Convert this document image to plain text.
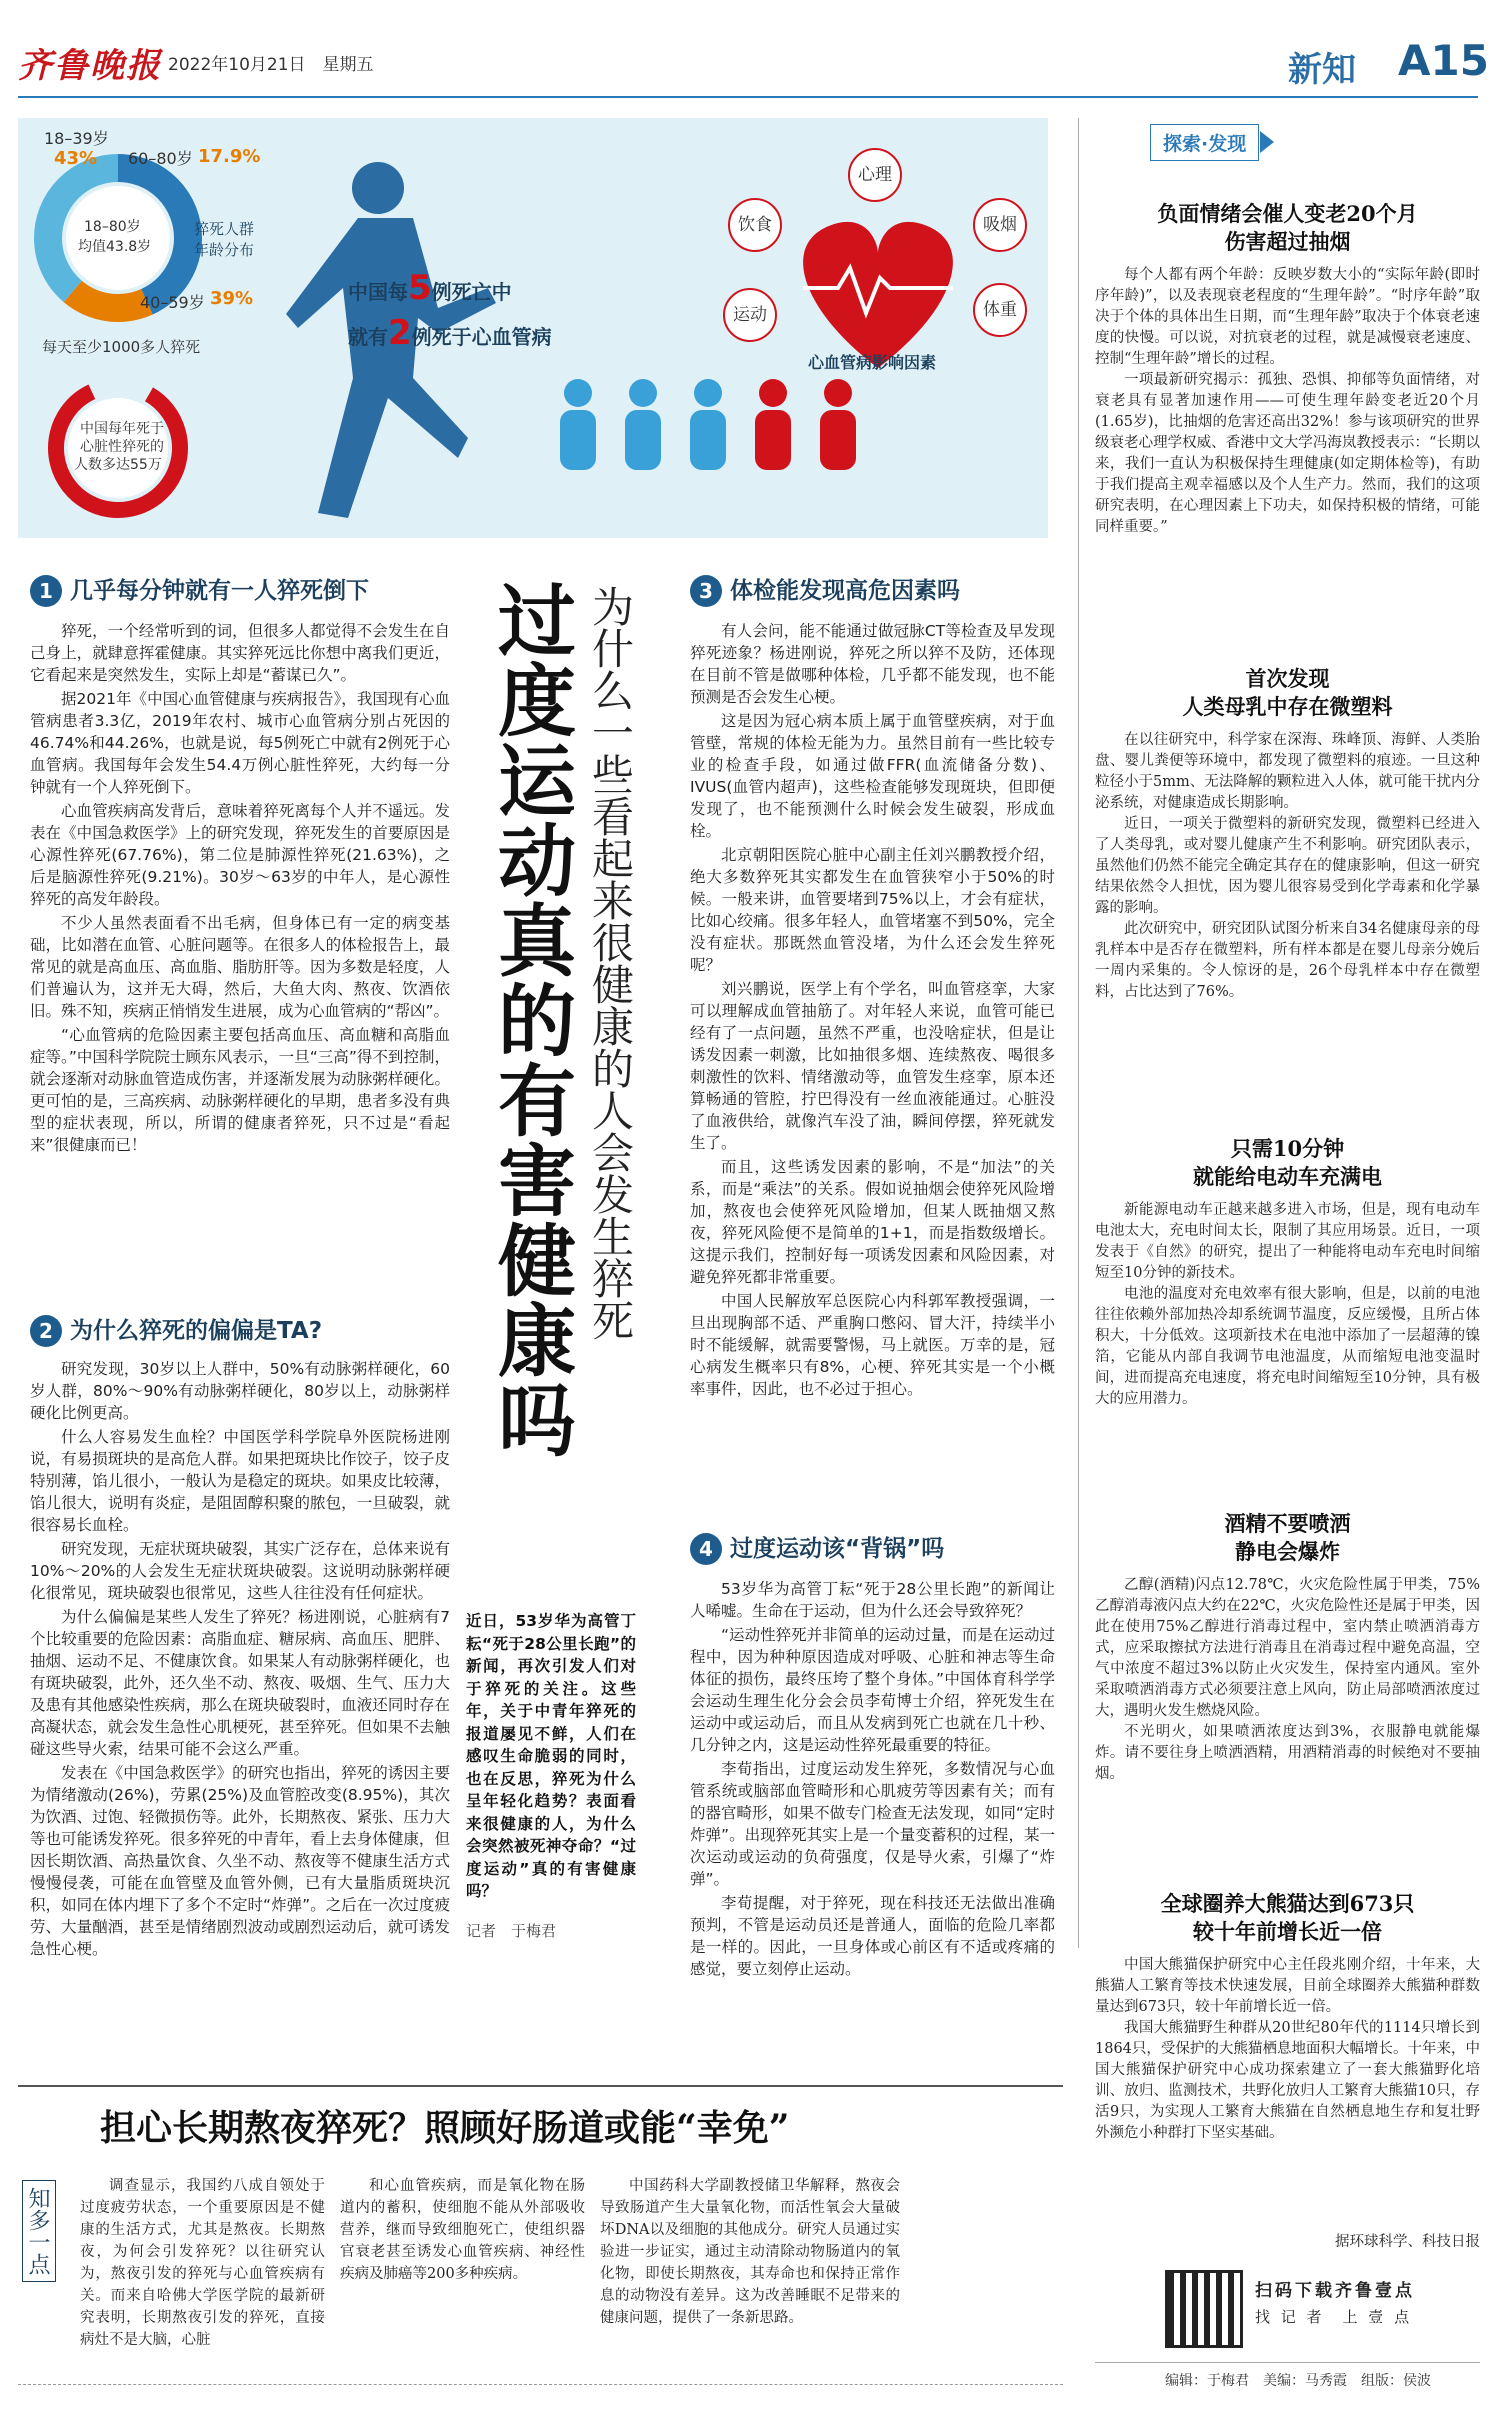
齐鲁晚报 2022年10月21日　星期五	新知 A15
18–39岁
43% 60–80岁 17.9%
40–59岁 39%
18–80岁
均值43.8岁
猝死人群
年龄分布
每天至少1000多人猝死
中国每年死于
心脏性猝死的
人数多达55万
中国每5例死亡中
就有2例死于心血管病
心理
饮食	吸烟
运动	体重
心血管病影响因素
过度运动真的有害健康吗 为什么一些看起来很健康的人会发生猝死
近日，53岁华为高管丁耘“死于28公里长跑”的新闻，再次引发人们对于猝死的关注。这些年，关于中青年猝死的报道屡见不鲜，人们在感叹生命脆弱的同时，也在反思，猝死为什么呈年轻化趋势？表面看来很健康的人，为什么会突然被死神夺命？“过度运动”真的有害健康吗？
记者　于梅君
1 几乎每分钟就有一人猝死倒下

猝死，一个经常听到的词，但很多人都觉得不会发生在自己身上，就肆意挥霍健康。其实猝死远比你想中离我们更近，它看起来是突然发生，实际上却是“蓄谋已久”。

据2021年《中国心血管健康与疾病报告》，我国现有心血管病患者3.3亿，2019年农村、城市心血管病分别占死因的46.74%和44.26%，也就是说，每5例死亡中就有2例死于心血管病。我国每年会发生54.4万例心脏性猝死，大约每一分钟就有一个人猝死倒下。

心血管疾病高发背后，意味着猝死离每个人并不遥远。发表在《中国急救医学》上的研究发现，猝死发生的首要原因是心源性猝死(67.76%)，第二位是肺源性猝死(21.63%)，之后是脑源性猝死(9.21%)。30岁～63岁的中年人，是心源性猝死的高发年龄段。

不少人虽然表面看不出毛病，但身体已有一定的病变基础，比如潜在血管、心脏问题等。在很多人的体检报告上，最常见的就是高血压、高血脂、脂肪肝等。因为多数是轻度，人们普遍认为，这并无大碍，然后，大鱼大肉、熬夜、饮酒依旧。殊不知，疾病正悄悄发生进展，成为心血管病的“帮凶”。

“心血管病的危险因素主要包括高血压、高血糖和高脂血症等。”中国科学院院士顾东风表示，一旦“三高”得不到控制，就会逐渐对动脉血管造成伤害，并逐渐发展为动脉粥样硬化。更可怕的是，三高疾病、动脉粥样硬化的早期，患者多没有典型的症状表现，所以，所谓的健康者猝死，只不过是“看起来”很健康而已！

2 为什么猝死的偏偏是TA?

研究发现，30岁以上人群中，50%有动脉粥样硬化，60岁人群，80%～90%有动脉粥样硬化，80岁以上，动脉粥样硬化比例更高。

什么人容易发生血栓？中国医学科学院阜外医院杨进刚说，有易损斑块的是高危人群。如果把斑块比作饺子，饺子皮特别薄，馅儿很小，一般认为是稳定的斑块。如果皮比较薄，馅儿很大，说明有炎症，是阻固醇积聚的脓包，一旦破裂，就很容易长血栓。

研究发现，无症状斑块破裂，其实广泛存在，总体来说有10%～20%的人会发生无症状斑块破裂。这说明动脉粥样硬化很常见，斑块破裂也很常见，这些人往往没有任何症状。

为什么偏偏是某些人发生了猝死？杨进刚说，心脏病有7个比较重要的危险因素：高脂血症、糖尿病、高血压、肥胖、抽烟、运动不足、不健康饮食。如果某人有动脉粥样硬化，也有斑块破裂，此外，还久坐不动、熬夜、吸烟、生气、压力大及患有其他感染性疾病，那么在斑块破裂时，血液还同时存在高凝状态，就会发生急性心肌梗死，甚至猝死。但如果不去触碰这些导火索，结果可能不会这么严重。

发表在《中国急救医学》的研究也指出，猝死的诱因主要为情绪激动(26%)，劳累(25%)及血管腔改变(8.95%)，其次为饮酒、过饱、轻微损伤等。此外，长期熬夜、紧张、压力大等也可能诱发猝死。很多猝死的中青年，看上去身体健康，但因长期饮酒、高热量饮食、久坐不动、熬夜等不健康生活方式慢慢侵袭，可能在血管壁及血管外侧，已有大量脂质斑块沉积，如同在体内埋下了多个不定时“炸弹”。之后在一次过度疲劳、大量酗酒，甚至是情绪剧烈波动或剧烈运动后，就可诱发急性心梗。

3 体检能发现高危因素吗

有人会问，能不能通过做冠脉CT等检查及早发现猝死迹象？杨进刚说，猝死之所以猝不及防，还体现在目前不管是做哪种体检，几乎都不能发现，也不能预测是否会发生心梗。

这是因为冠心病本质上属于血管壁疾病，对于血管壁，常规的体检无能为力。虽然目前有一些比较专业的检查手段，如通过做FFR(血流储备分数)、IVUS(血管内超声)，这些检查能够发现斑块，但即便发现了，也不能预测什么时候会发生破裂，形成血栓。

北京朝阳医院心脏中心副主任刘兴鹏教授介绍，绝大多数猝死其实都发生在血管狭窄小于50%的时候。一般来讲，血管要堵到75%以上，才会有症状，比如心绞痛。很多年轻人，血管堵塞不到50%，完全没有症状。那既然血管没堵，为什么还会发生猝死呢？

刘兴鹏说，医学上有个学名，叫血管痉挛，大家可以理解成血管抽筋了。对年轻人来说，血管可能已经有了一点问题，虽然不严重，也没啥症状，但是让诱发因素一刺激，比如抽很多烟、连续熬夜、喝很多刺激性的饮料、情绪激动等，血管发生痉挛，原本还算畅通的管腔，拧巴得没有一丝血液能通过。心脏没了血液供给，就像汽车没了油，瞬间停摆，猝死就发生了。

而且，这些诱发因素的影响，不是“加法”的关系，而是“乘法”的关系。假如说抽烟会使猝死风险增加，熬夜也会使猝死风险增加，但某人既抽烟又熬夜，猝死风险便不是简单的1+1，而是指数级增长。这提示我们，控制好每一项诱发因素和风险因素，对避免猝死都非常重要。

中国人民解放军总医院心内科郭军教授强调，一旦出现胸部不适、严重胸口憋闷、冒大汗，持续半小时不能缓解，就需要警惕，马上就医。万幸的是，冠心病发生概率只有8%，心梗、猝死其实是一个小概率事件，因此，也不必过于担心。

4 过度运动该“背锅”吗

53岁华为高管丁耘“死于28公里长跑”的新闻让人唏嘘。生命在于运动，但为什么还会导致猝死？

“运动性猝死并非简单的运动过量，而是在运动过程中，因为种种原因造成对呼吸、心脏和神志等生命体征的损伤，最终压垮了整个身体。”中国体育科学学会运动生理生化分会会员李荀博士介绍，猝死发生在运动中或运动后，而且从发病到死亡也就在几十秒、几分钟之内，这是运动性猝死最重要的特征。

李荀指出，过度运动发生猝死，多数情况与心血管系统或脑部血管畸形和心肌疲劳等因素有关；而有的器官畸形，如果不做专门检查无法发现，如同“定时炸弹”。出现猝死其实上是一个量变蓄积的过程，某一次运动或运动的负荷强度，仅是导火索，引爆了“炸弹”。

李荀提醒，对于猝死，现在科技还无法做出准确预判，不管是运动员还是普通人，面临的危险几率都是一样的。因此，一旦身体或心前区有不适或疼痛的感觉，要立刻停止运动。

探索·发现
负面情绪会催人变老20个月
伤害超过抽烟

每个人都有两个年龄：反映岁数大小的“实际年龄(即时序年龄)”，以及表现衰老程度的“生理年龄”。“时序年龄”取决于个体的具体出生日期，而“生理年龄”取决于个体衰老速度的快慢。可以说，对抗衰老的过程，就是减慢衰老速度、控制“生理年龄”增长的过程。

一项最新研究揭示：孤独、恐惧、抑郁等负面情绪，对衰老具有显著加速作用——可使生理年龄变老近20个月(1.65岁)，比抽烟的危害还高出32%！参与该项研究的世界级衰老心理学权威、香港中文大学冯海岚教授表示：“长期以来，我们一直认为积极保持生理健康(如定期体检等)，有助于我们提高主观幸福感以及个人生产力。然而，我们的这项研究表明，在心理因素上下功夫，如保持积极的情绪，可能同样重要。”

首次发现
人类母乳中存在微塑料

在以往研究中，科学家在深海、珠峰顶、海鲜、人类胎盘、婴儿粪便等环境中，都发现了微塑料的痕迹。一旦这种粒径小于5mm、无法降解的颗粒进入人体，就可能干扰内分泌系统，对健康造成长期影响。

近日，一项关于微塑料的新研究发现，微塑料已经进入了人类母乳，或对婴儿健康产生不利影响。研究团队表示，虽然他们仍然不能完全确定其存在的健康影响，但这一研究结果依然令人担忧，因为婴儿很容易受到化学毒素和化学暴露的影响。

此次研究中，研究团队试图分析来自34名健康母亲的母乳样本中是否存在微塑料，所有样本都是在婴儿母亲分娩后一周内采集的。令人惊讶的是，26个母乳样本中存在微塑料，占比达到了76%。

只需10分钟
就能给电动车充满电

新能源电动车正越来越多进入市场，但是，现有电动车电池太大，充电时间太长，限制了其应用场景。近日，一项发表于《自然》的研究，提出了一种能将电动车充电时间缩短至10分钟的新技术。

电池的温度对充电效率有很大影响，但是，以前的电池往往依赖外部加热冷却系统调节温度，反应缓慢，且所占体积大，十分低效。这项新技术在电池中添加了一层超薄的镍箔，它能从内部自我调节电池温度，从而缩短电池变温时间，进而提高充电速度，将充电时间缩短至10分钟，具有极大的应用潜力。

酒精不要喷洒
静电会爆炸

乙醇(酒精)闪点12.78℃，火灾危险性属于甲类，75%乙醇消毒液闪点大约在22℃，火灾危险性还是属于甲类，因此在使用75%乙醇进行消毒过程中，室内禁止喷洒消毒方式，应采取擦拭方法进行消毒且在消毒过程中避免高温，空气中浓度不超过3%以防止火灾发生，保持室内通风。室外采取喷洒消毒方式必须要注意上风向，防止局部喷洒浓度过大，遇明火发生燃烧风险。

不光明火，如果喷洒浓度达到3%，衣服静电就能爆炸。请不要往身上喷洒酒精，用酒精消毒的时候绝对不要抽烟。

全球圈养大熊猫达到673只
较十年前增长近一倍

中国大熊猫保护研究中心主任段兆刚介绍，十年来，大熊猫人工繁育等技术快速发展，目前全球圈养大熊猫种群数量达到673只，较十年前增长近一倍。

我国大熊猫野生种群从20世纪80年代的1114只增长到1864只，受保护的大熊猫栖息地面积大幅增长。十年来，中国大熊猫保护研究中心成功探索建立了一套大熊猫野化培训、放归、监测技术，共野化放归人工繁育大熊猫10只，存活9只，为实现人工繁育大熊猫在自然栖息地生存和复壮野外濒危小种群打下坚实基础。

据环球科学、科技日报
担心长期熬夜猝死？照顾好肠道或能“幸免”
知多一点

调查显示，我国约八成自领处于过度疲劳状态，一个重要原因是不健康的生活方式，尤其是熬夜。长期熬夜，为何会引发猝死？以往研究认为，熬夜引发的猝死与心血管疾病有关。而来自哈佛大学医学院的最新研究表明，长期熬夜引发的猝死，直接病灶不是大脑，心脏

和心血管疾病，而是氧化物在肠道内的蓄积，使细胞不能从外部吸收营养，继而导致细胞死亡，使组织器官衰老甚至诱发心血管疾病、神经性疾病及肺癌等200多种疾病。

中国药科大学副教授储卫华解释，熬夜会导致肠道产生大量氧化物，而活性氧会大量破坏DNA以及细胞的其他成分。研究人员通过实验进一步证实，通过主动清除动物肠道内的氧化物，即使长期熬夜，其寿命也和保持正常作息的动物没有差异。这为改善睡眠不足带来的健康问题，提供了一条新思路。

扫码下载齐鲁壹点
找 记 者　上 壹 点
编辑：于梅君　美编：马秀霞　组版：侯波
